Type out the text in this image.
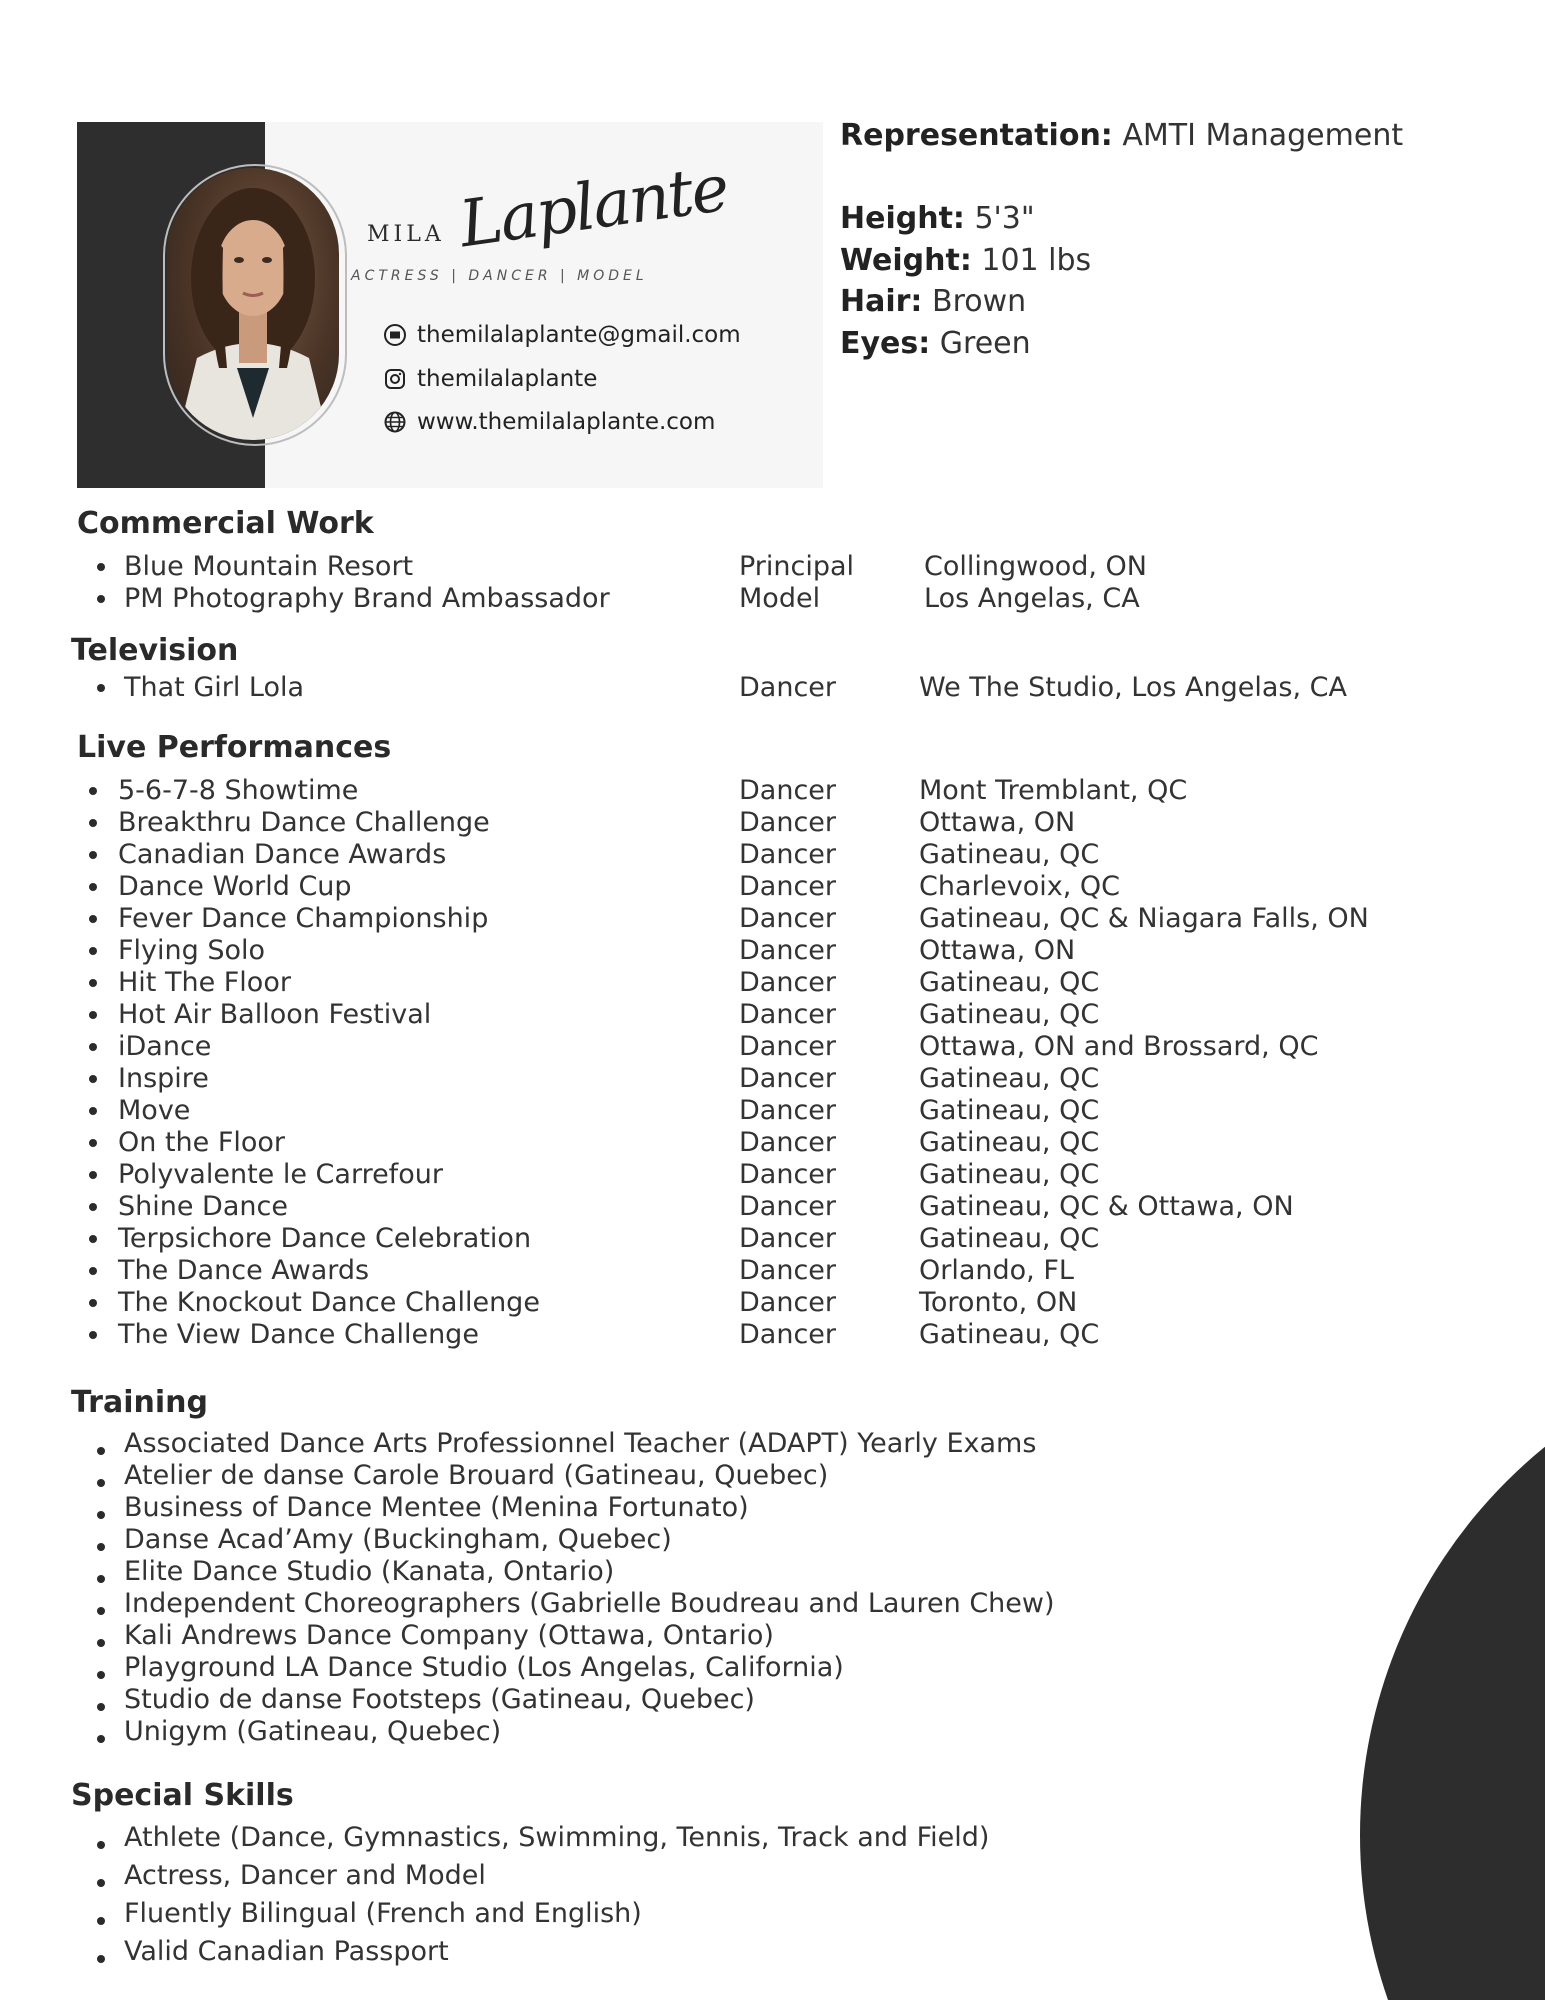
MILA Laplante
ACTRESS | DANCER | MODEL
themilalaplante@gmail.com
themilalaplante
www.themilalaplante.com
Representation: AMTI Management
Height: 5'3"
Weight: 101 lbs
Hair: Brown
Eyes: Green
Commercial Work
Blue Mountain Resort	Principal	Collingwood, ON
PM Photography Brand Ambassador	Model	Los Angelas, CA
Television
That Girl Lola	Dancer	We The Studio, Los Angelas, CA
Live Performances
5-6-7-8 Showtime	Dancer	Mont Tremblant, QC
Breakthru Dance Challenge	Dancer	Ottawa, ON
Canadian Dance Awards	Dancer	Gatineau, QC
Dance World Cup	Dancer	Charlevoix, QC
Fever Dance Championship	Dancer	Gatineau, QC & Niagara Falls, ON
Flying Solo	Dancer	Ottawa, ON
Hit The Floor	Dancer	Gatineau, QC
Hot Air Balloon Festival	Dancer	Gatineau, QC
iDance	Dancer	Ottawa, ON and Brossard, QC
Inspire	Dancer	Gatineau, QC
Move	Dancer	Gatineau, QC
On the Floor	Dancer	Gatineau, QC
Polyvalente le Carrefour	Dancer	Gatineau, QC
Shine Dance	Dancer	Gatineau, QC & Ottawa, ON
Terpsichore Dance Celebration	Dancer	Gatineau, QC
The Dance Awards	Dancer	Orlando, FL
The Knockout Dance Challenge	Dancer	Toronto, ON
The View Dance Challenge	Dancer	Gatineau, QC
Training
Associated Dance Arts Professionnel Teacher (ADAPT) Yearly Exams
Atelier de danse Carole Brouard (Gatineau, Quebec)
Business of Dance Mentee (Menina Fortunato)
Danse Acad’Amy (Buckingham, Quebec)
Elite Dance Studio (Kanata, Ontario)
Independent Choreographers (Gabrielle Boudreau and Lauren Chew)
Kali Andrews Dance Company (Ottawa, Ontario)
Playground LA Dance Studio (Los Angelas, California)
Studio de danse Footsteps (Gatineau, Quebec)
Unigym (Gatineau, Quebec)
Special Skills
Athlete (Dance, Gymnastics, Swimming, Tennis, Track and Field)
Actress, Dancer and Model
Fluently Bilingual (French and English)
Valid Canadian Passport
